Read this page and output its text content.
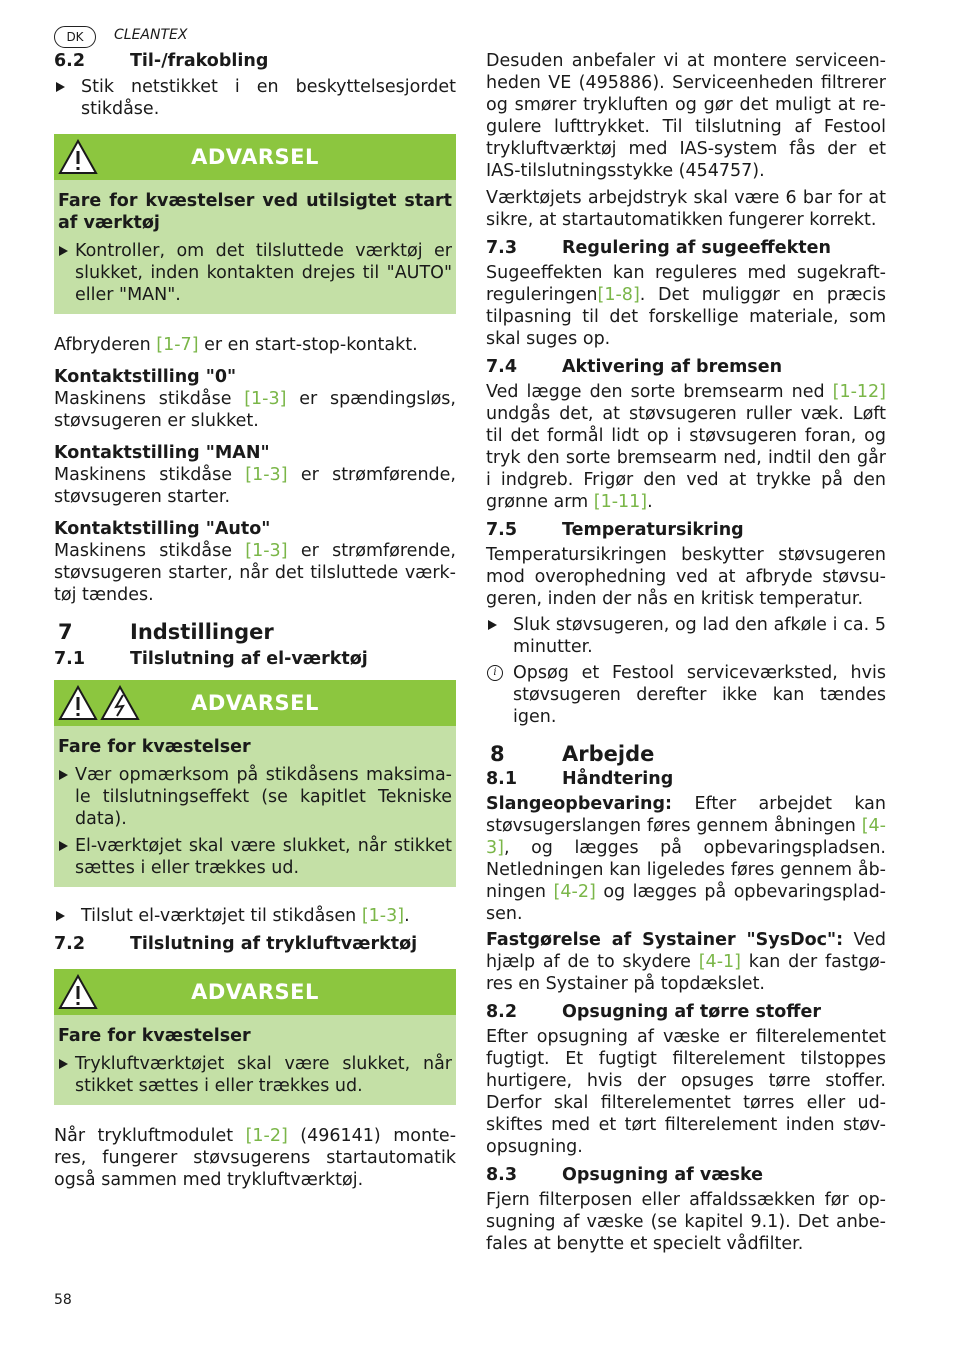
DK	CLEANTEX
6.2	Til-/frakobling

Stik netstikket i en beskyttelsesjordet stikdåse.

ADVARSEL

Fare for kvæstelser ved utilsigtet start af værktøj

Kontroller, om det tilsluttede værktøj er slukket, inden kontakten drejes til "AUTO" eller "MAN".

Afbryderen [1-7] er en start-stop-kontakt.

Kontaktstilling "0"

Maskinens stikdåse [1-3] er spændingsløs, støvsugeren er slukket.

Kontaktstilling "MAN"

Maskinens stikdåse [1-3] er strømførende, støvsugeren starter.

Kontaktstilling "Auto"

Maskinens stikdåse [1-3] er strømførende, støvsugeren starter, når det tilsluttede værk-tøj tændes.

7	Indstillinger
7.1	Tilslutning af el-værktøj
ADVARSEL

Fare for kvæstelser

Vær opmærksom på stikdåsens maksima-le tilslutningseffekt (se kapitlet Tekniske data).

El-værktøjet skal være slukket, når stikket sættes i eller trækkes ud.

Tilslut el-værktøjet til stikdåsen [1-3].

7.2	Tilslutning af trykluftværktøj
ADVARSEL

Fare for kvæstelser

Trykluftværktøjet skal være slukket, når stikket sættes i eller trækkes ud.

Når trykluftmodulet [1-2] (496141) monte-res, fungerer støvsugerens startautomatik også sammen med trykluftværktøj.

Desuden anbefaler vi at montere serviceen-heden VE (495886). Serviceenheden filtrerer og smører trykluften og gør det muligt at re-gulere lufttrykket. Til tilslutning af Festool trykluftværktøj med IAS-system fås der et IAS-tilslutningsstykke (454757).

Værktøjets arbejdstryk skal være 6 bar for at sikre, at startautomatikken fungerer korrekt.

7.3	Regulering af sugeeffekten

Sugeeffekten kan reguleres med sugekraft-reguleringen[1-8]. Det muliggør en præcis tilpasning til det forskellige materiale, som skal suges op.

7.4	Aktivering af bremsen

Ved lægge den sorte bremsearm ned [1-12] undgås det, at støvsugeren ruller væk. Løft til det formål lidt op i støvsugeren foran, og tryk den sorte bremsearm ned, indtil den går i indgreb. Frigør den ved at trykke på den grønne arm [1-11].

7.5	Temperatursikring

Temperatursikringen beskytter støvsugeren mod overophedning ved at afbryde støvsu-geren, inden der nås en kritisk temperatur.

Sluk støvsugeren, og lad den afkøle i ca. 5 minutter.

i Opsøg et Festool serviceværksted, hvis støvsugeren derefter ikke kan tændes igen.

8	Arbejde
8.1	Håndtering

Slangeopbevaring: Efter arbejdet kan støvsugerslangen føres gennem åbningen [4-3], og lægges på opbevaringspladsen. Netledningen kan ligeledes føres gennem åb-ningen [4-2] og lægges på opbevaringsplad-sen.

Fastgørelse af Systainer "SysDoc": Ved hjælp af de to skydere [4-1] kan der fastgø-res en Systainer på topdækslet.

8.2	Opsugning af tørre stoffer

Efter opsugning af væske er filterelementet fugtigt. Et fugtigt filterelement tilstoppes hurtigere, hvis der opsuges tørre stoffer. Derfor skal filterelementet tørres eller ud-skiftes med et tørt filterelement inden støv-opsugning.

8.3	Opsugning af væske

Fjern filterposen eller affaldssækken før op-sugning af væske (se kapitel 9.1). Det anbe-fales at benytte et specielt vådfilter.

58
